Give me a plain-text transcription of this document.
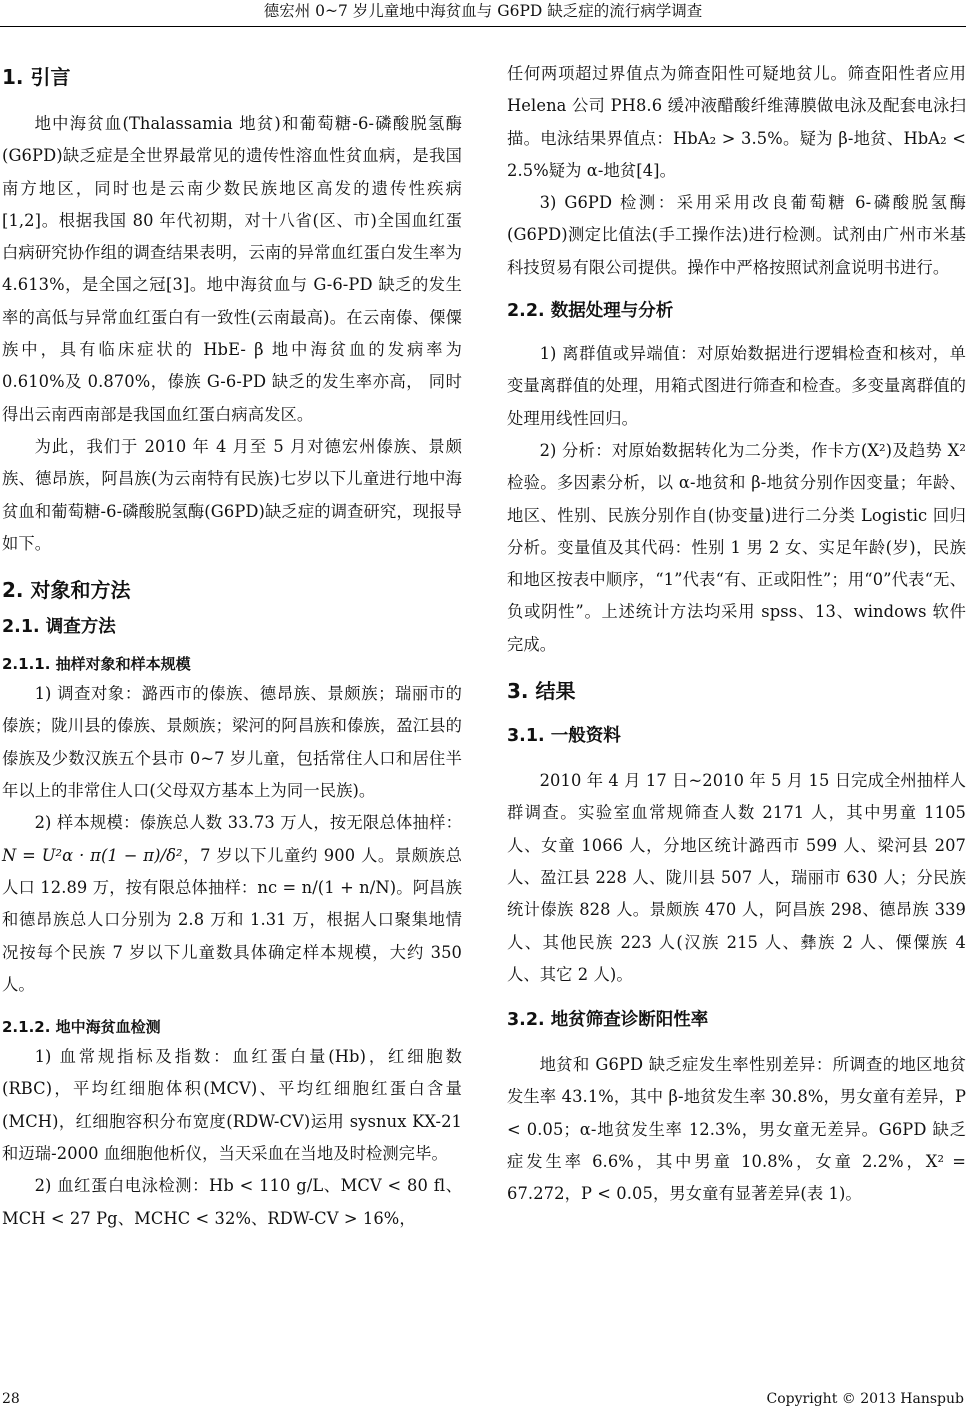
德宏州 0~7 岁儿童地中海贫血与 G6PD 缺乏症的流行病学调查
1. 引言

地中海贫血(Thalassamia 地贫)和葡萄糖-6-磷酸脱氢酶(G6PD)缺乏症是全世界最常见的遗传性溶血性贫血病，是我国南方地区，同时也是云南少数民族地区高发的遗传性疾病[1,2]。根据我国 80 年代初期，对十八省(区、市)全国血红蛋白病研究协作组的调查结果表明，云南的异常血红蛋白发生率为 4.613%，是全国之冠[3]。地中海贫血与 G-6-PD 缺乏的发生率的高低与异常血红蛋白有一致性(云南最高)。在云南傣、傈僳族中，具有临床症状的 HbE- β 地中海贫血的发病率为 0.610%及 0.870%，傣族 G-6-PD 缺乏的发生率亦高， 同时得出云南西南部是我国血红蛋白病高发区。

为此，我们于 2010 年 4 月至 5 月对德宏州傣族、景颇族、德昂族，阿昌族(为云南特有民族)七岁以下儿童进行地中海贫血和葡萄糖-6-磷酸脱氢酶(G6PD)缺乏症的调查研究，现报导如下。

2. 对象和方法
2.1. 调查方法
2.1.1. 抽样对象和样本规模

1) 调查对象：潞西市的傣族、德昂族、景颇族；瑞丽市的傣族；陇川县的傣族、景颇族；梁河的阿昌族和傣族，盈江县的傣族及少数汉族五个县市 0~7 岁儿童，包括常住人口和居住半年以上的非常住人口(父母双方基本上为同一民族)。

2) 样本规模：傣族总人数 33.73 万人，按无限总体抽样：N = U²α · π(1 − π)/δ²，7 岁以下儿童约 900 人。景颇族总人口 12.89 万，按有限总体抽样：nc = n/(1 + n/N)。阿昌族和德昂族总人口分别为 2.8 万和 1.31 万，根据人口聚集地情况按每个民族 7 岁以下儿童数具体确定样本规模，大约 350 人。

2.1.2. 地中海贫血检测

1) 血常规指标及指数：血红蛋白量(Hb)，红细胞数(RBC)，平均红细胞体积(MCV)、平均红细胞红蛋白含量(MCH)，红细胞容积分布宽度(RDW-CV)运用 sysnux KX-21 和迈瑞-2000 血细胞他析仪，当天采血在当地及时检测完毕。

2) 血红蛋白电泳检测：Hb < 110 g/L、MCV < 80 fl、MCH < 27 Pg、MCHC < 32%、RDW-CV > 16%，

任何两项超过界值点为筛查阳性可疑地贫儿。筛查阳性者应用 Helena 公司 PH8.6 缓冲液醋酸纤维薄膜做电泳及配套电泳扫描。电泳结果界值点：HbA₂ > 3.5%。疑为 β-地贫、HbA₂ < 2.5%疑为 α-地贫[4]。

3) G6PD 检测：采用采用改良葡萄糖 6-磷酸脱氢酶(G6PD)测定比值法(手工操作法)进行检测。试剂由广州市米基科技贸易有限公司提供。操作中严格按照试剂盒说明书进行。

2.2. 数据处理与分析

1) 离群值或异端值：对原始数据进行逻辑检查和核对，单变量离群值的处理，用箱式图进行筛查和检查。多变量离群值的处理用线性回归。

2) 分析：对原始数据转化为二分类，作卡方(X²)及趋势 X² 检验。多因素分析，以 α-地贫和 β-地贫分别作因变量；年龄、地区、性别、民族分别作自(协变量)进行二分类 Logistic 回归分析。变量值及其代码：性别 1 男 2 女、实足年龄(岁)，民族和地区按表中顺序，“1”代表“有、正或阳性”；用“0”代表“无、负或阴性”。上述统计方法均采用 spss、13、windows 软件完成。

3. 结果
3.1. 一般资料

2010 年 4 月 17 日~2010 年 5 月 15 日完成全州抽样人群调查。实验室血常规筛查人数 2171 人，其中男童 1105 人、女童 1066 人，分地区统计潞西市 599 人、梁河县 207 人、盈江县 228 人、陇川县 507 人，瑞丽市 630 人；分民族统计傣族 828 人。景颇族 470 人，阿昌族 298、德昂族 339 人、其他民族 223 人(汉族 215 人、彝族 2 人、傈僳族 4 人、其它 2 人)。

3.2. 地贫筛查诊断阳性率

地贫和 G6PD 缺乏症发生率性别差异：所调查的地区地贫发生率 43.1%，其中 β-地贫发生率 30.8%，男女童有差异，P < 0.05；α-地贫发生率 12.3%，男女童无差异。G6PD 缺乏症发生率 6.6%，其中男童 10.8%，女童 2.2%，X² = 67.272，P < 0.05，男女童有显著差异(表 1)。

28	Copyright © 2013 Hanspub
